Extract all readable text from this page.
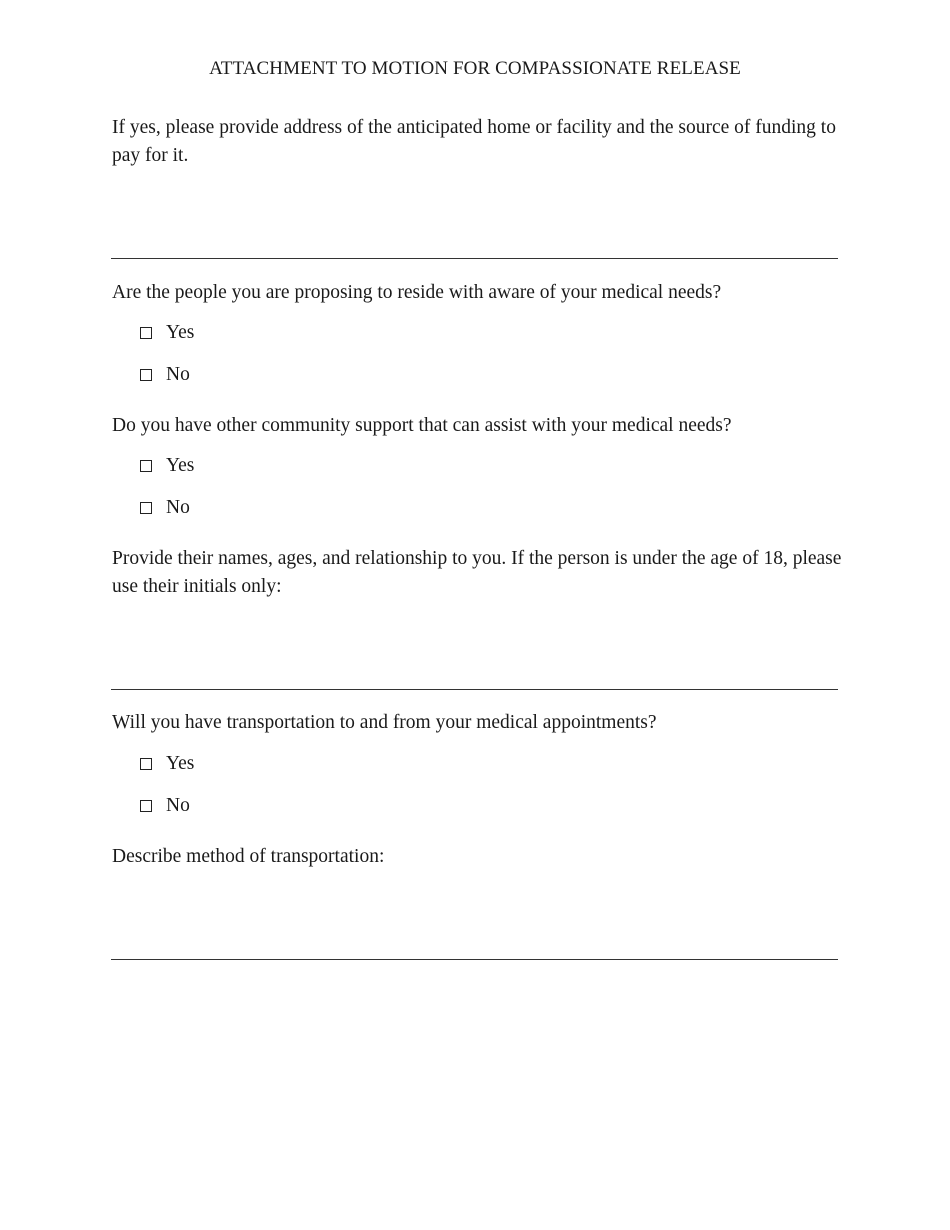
ATTACHMENT TO MOTION FOR COMPASSIONATE RELEASE
If yes, please provide address of the anticipated home or facility and the source of funding to pay for it.
Are the people you are proposing to reside with aware of your medical needs?
Yes
No
Do you have other community support that can assist with your medical needs?
Yes
No
Provide their names, ages, and relationship to you. If the person is under the age of 18, please use their initials only:
Will you have transportation to and from your medical appointments?
Yes
No
Describe method of transportation:
